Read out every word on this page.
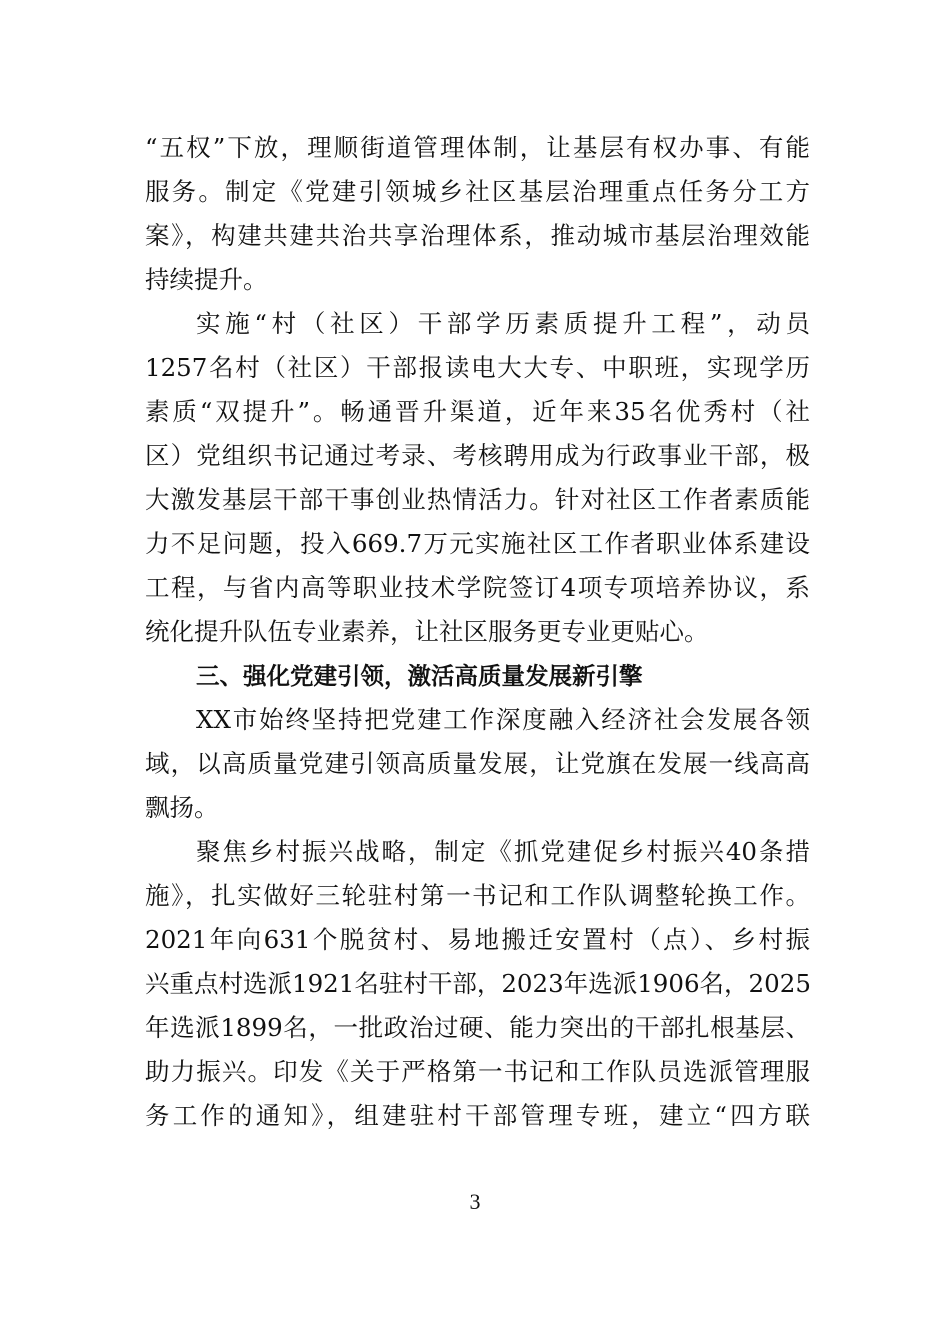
“五权”下放，理顺街道管理体制，让基层有权办事、有能
服务。制定《党建引领城乡社区基层治理重点任务分工方
案》，构建共建共治共享治理体系，推动城市基层治理效能
持续提升。
实施“村（社区）干部学历素质提升工程”，动员
1257名村（社区）干部报读电大大专、中职班，实现学历
素质“双提升”。畅通晋升渠道，近年来35名优秀村（社
区）党组织书记通过考录、考核聘用成为行政事业干部，极
大激发基层干部干事创业热情活力。针对社区工作者素质能
力不足问题，投入669.7万元实施社区工作者职业体系建设
工程，与省内高等职业技术学院签订4项专项培养协议，系
统化提升队伍专业素养，让社区服务更专业更贴心。
三、强化党建引领，激活高质量发展新引擎
XX市始终坚持把党建工作深度融入经济社会发展各领
域，以高质量党建引领高质量发展，让党旗在发展一线高高
飘扬。
聚焦乡村振兴战略，制定《抓党建促乡村振兴40条措
施》，扎实做好三轮驻村第一书记和工作队调整轮换工作。
2021年向631个脱贫村、易地搬迁安置村（点）、乡村振
兴重点村选派1921名驻村干部，2023年选派1906名，2025
年选派1899名，一批政治过硬、能力突出的干部扎根基层、
助力振兴。印发《关于严格第一书记和工作队员选派管理服
务工作的通知》，组建驻村干部管理专班，建立“四方联
3
